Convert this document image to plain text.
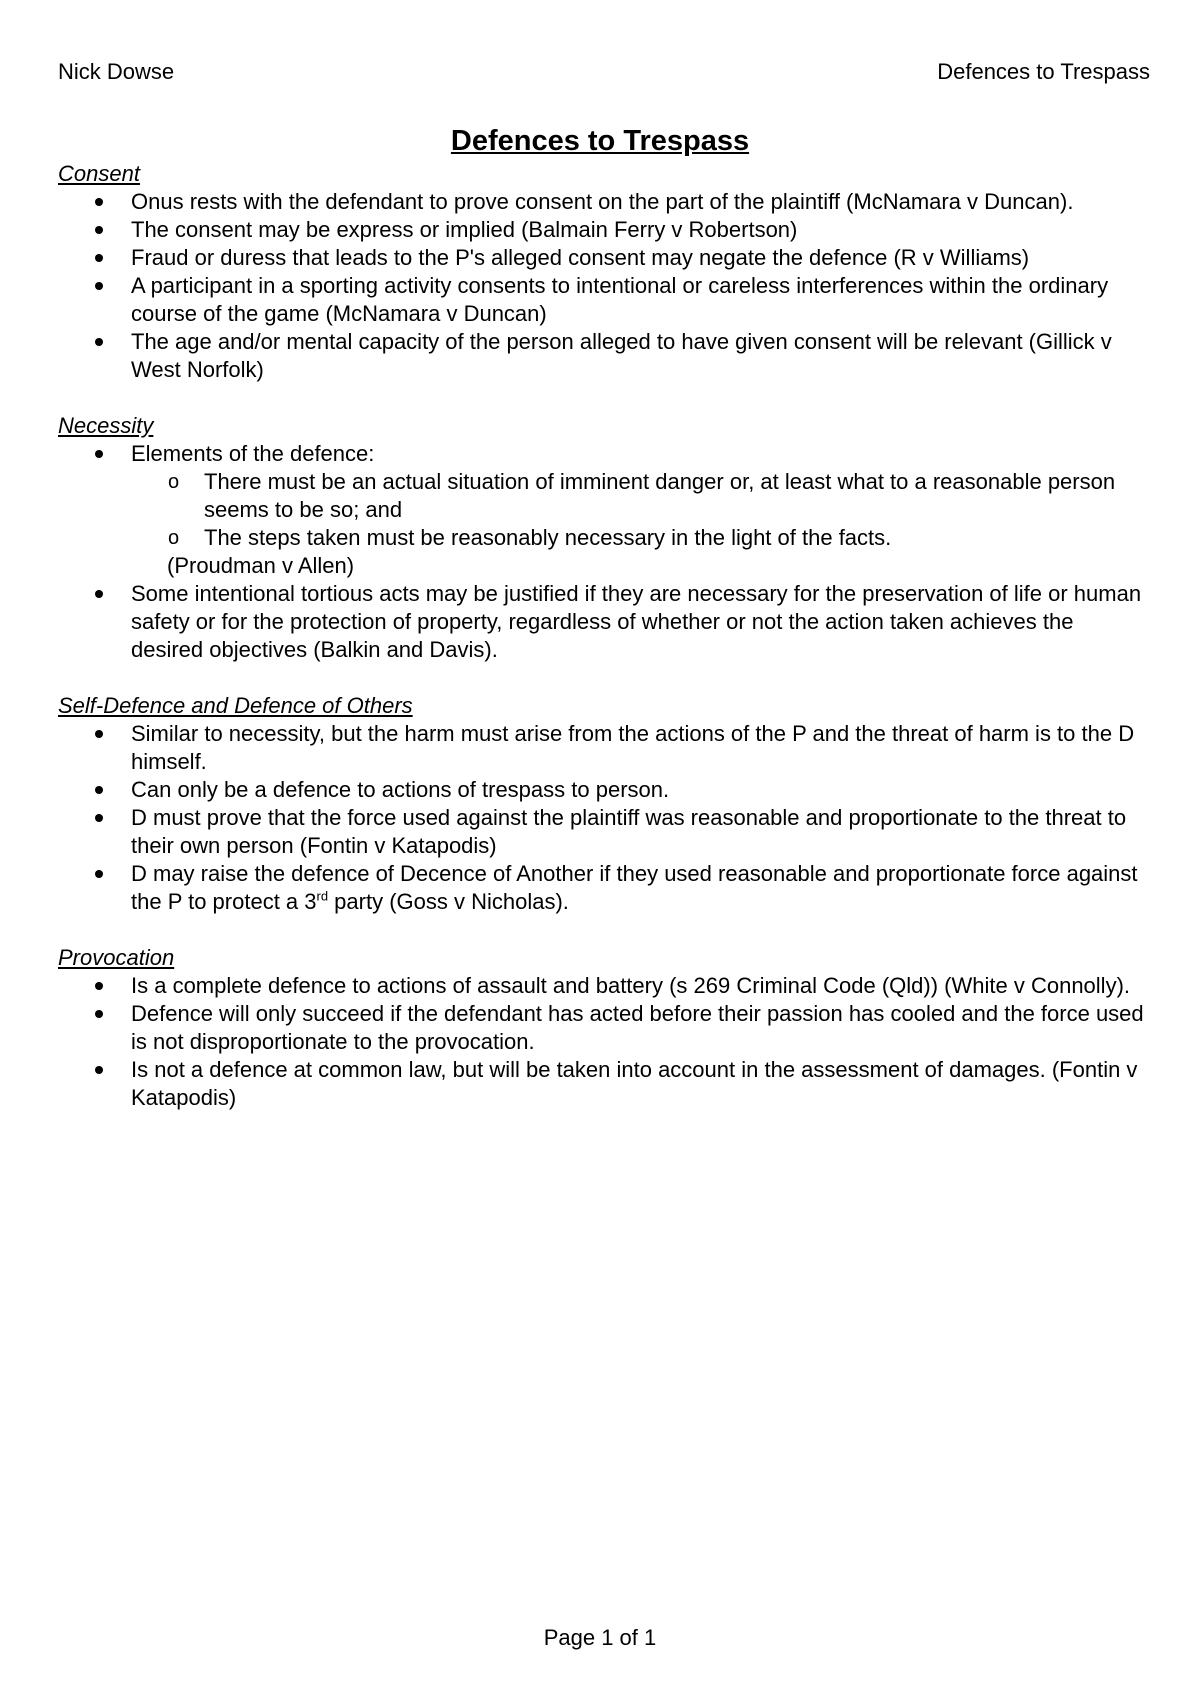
Nick Dowse	Defences to Trespass
Defences to Trespass
Consent
Onus rests with the defendant to prove consent on the part of the plaintiff (McNamara v Duncan).
The consent may be express or implied (Balmain Ferry v Robertson)
Fraud or duress that leads to the P's alleged consent may negate the defence (R v Williams)
A participant in a sporting activity consents to intentional or careless interferences within the ordinary course of the game (McNamara v Duncan)
The age and/or mental capacity of the person alleged to have given consent will be relevant (Gillick v West Norfolk)
Necessity
Elements of the defence:
o There must be an actual situation of imminent danger or, at least what to a reasonable person seems to be so; and
o The steps taken must be reasonably necessary in the light of the facts.
(Proudman v Allen)
Some intentional tortious acts may be justified if they are necessary for the preservation of life or human safety or for the protection of property, regardless of whether or not the action taken achieves the desired objectives (Balkin and Davis).
Self-Defence and Defence of Others
Similar to necessity, but the harm must arise from the actions of the P and the threat of harm is to the D himself.
Can only be a defence to actions of trespass to person.
D must prove that the force used against the plaintiff was reasonable and proportionate to the threat to their own person (Fontin v Katapodis)
D may raise the defence of Decence of Another if they used reasonable and proportionate force against the P to protect a 3rd party (Goss v Nicholas).
Provocation
Is a complete defence to actions of assault and battery (s 269 Criminal Code (Qld)) (White v Connolly).
Defence will only succeed if the defendant has acted before their passion has cooled and the force used is not disproportionate to the provocation.
Is not a defence at common law, but will be taken into account in the assessment of damages. (Fontin v Katapodis)
Page 1 of 1
